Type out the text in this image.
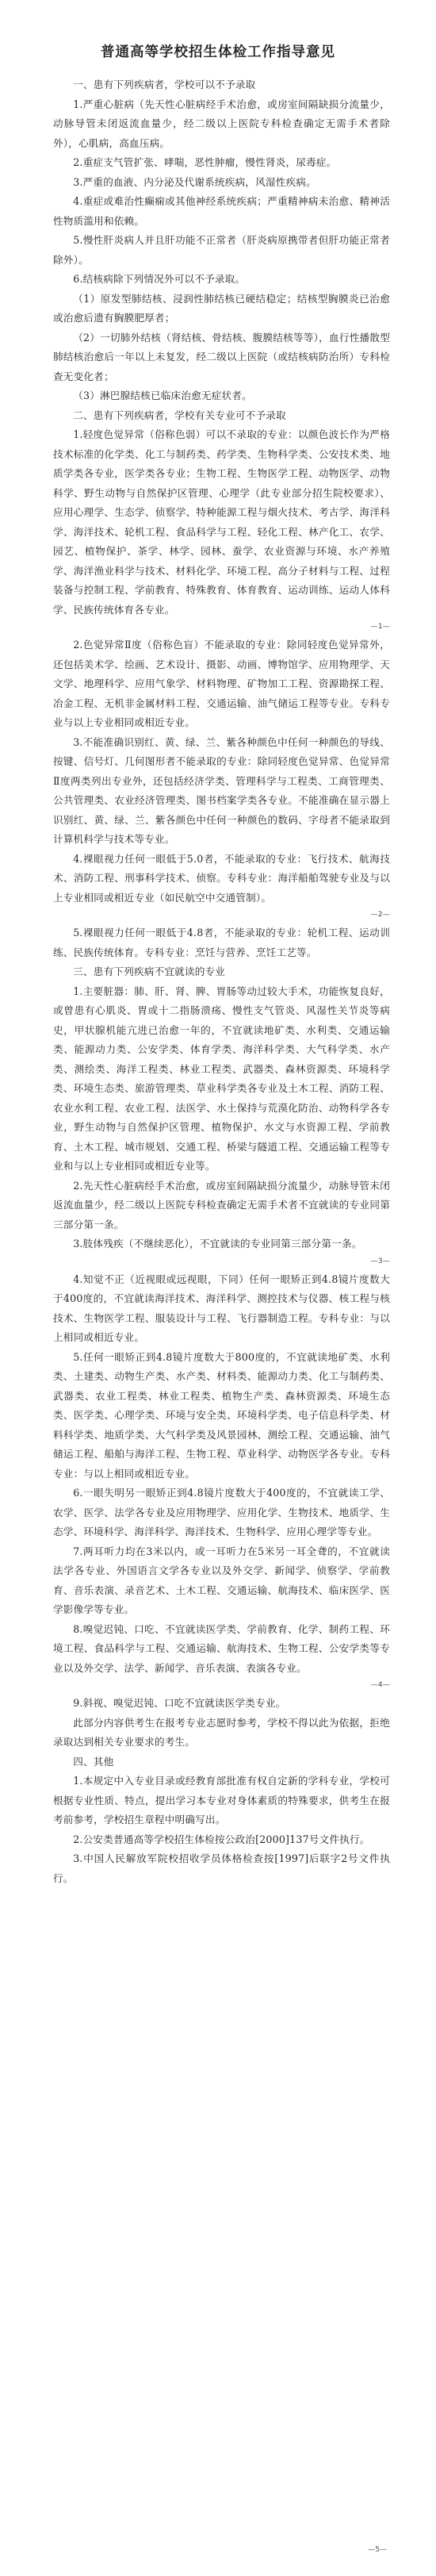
普通高等学校招生体检工作指导意见

一、患有下列疾病者，学校可以不予录取

1.严重心脏病（先天性心脏病经手术治愈，或房室间隔缺损分流量少，动脉导管未闭返流血量少，经二级以上医院专科检查确定无需手术者除外），心肌病，高血压病。

2.重症支气管扩张、哮喘，恶性肿瘤，慢性肾炎，尿毒症。

3.严重的血液、内分泌及代谢系统疾病，风湿性疾病。

4.重症或难治性癫痫或其他神经系统疾病；严重精神病未治愈、精神活性物质滥用和依赖。

5.慢性肝炎病人并且肝功能不正常者（肝炎病原携带者但肝功能正常者除外）。

6.结核病除下列情况外可以不予录取。

（1）原发型肺结核、浸润性肺结核已硬结稳定；结核型胸膜炎已治愈或治愈后遗有胸膜肥厚者；

（2）一切肺外结核（肾结核、骨结核、腹膜结核等等），血行性播散型肺结核治愈后一年以上未复发，经二级以上医院（或结核病防治所）专科检查无变化者；

（3）淋巴腺结核已临床治愈无症状者。

二、患有下列疾病者，学校有关专业可不予录取

1.轻度色觉异常（俗称色弱）可以不录取的专业：以颜色波长作为严格技术标准的化学类、化工与制药类、药学类、生物科学类、公安技术类、地质学类各专业，医学类各专业；生物工程、生物医学工程、动物医学、动物科学、野生动物与自然保护区管理、心理学（此专业部分招生院校要求）、应用心理学、生态学、侦察学、特种能源工程与烟火技术、考古学、海洋科学、海洋技术、轮机工程、食品科学与工程、轻化工程、林产化工、农学、园艺、植物保护、茶学、林学、园林、蚕学、农业资源与环境、水产养殖学、海洋渔业科学与技术、材料化学、环境工程、高分子材料与工程、过程装备与控制工程、学前教育、特殊教育、体育教育、运动训练、运动人体科学、民族传统体育各专业。

—1—

2.色觉异常Ⅱ度（俗称色盲）不能录取的专业：除同轻度色觉异常外，还包括美术学、绘画、艺术设计、摄影、动画、博物馆学、应用物理学、天文学、地理科学、应用气象学、材料物理、矿物加工工程、资源勘探工程、冶金工程、无机非金属材料工程、交通运输、油气储运工程等专业。专科专业与以上专业相同或相近专业。

3.不能准确识别红、黄、绿、兰、紫各种颜色中任何一种颜色的导线、按键、信号灯、几何图形者不能录取的专业：除同轻度色觉异常、色觉异常Ⅱ度两类列出专业外，还包括经济学类、管理科学与工程类、工商管理类、公共管理类、农业经济管理类、图书档案学类各专业。不能准确在显示器上识别红、黄、绿、兰、紫各颜色中任何一种颜色的数码、字母者不能录取到计算机科学与技术等专业。

4.裸眼视力任何一眼低于5.0者，不能录取的专业：飞行技术、航海技术、消防工程、刑事科学技术、侦察。专科专业：海洋船舶驾驶专业及与以上专业相同或相近专业（如民航空中交通管制）。

—2—

5.裸眼视力任何一眼低于4.8者，不能录取的专业：轮机工程、运动训练、民族传统体育。专科专业：烹饪与营养、烹饪工艺等。

三、患有下列疾病不宜就读的专业

1.主要脏器：肺、肝、肾、脾、胃肠等动过较大手术，功能恢复良好，或曾患有心肌炎、胃或十二指肠溃疡、慢性支气管炎、风湿性关节炎等病史，甲状腺机能亢进已治愈一年的，不宜就读地矿类、水利类、交通运输类、能源动力类、公安学类、体育学类、海洋科学类、大气科学类、水产类、测绘类、海洋工程类、林业工程类、武器类、森林资源类、环境科学类、环境生态类、旅游管理类、草业科学类各专业及土木工程、消防工程、农业水利工程、农业工程、法医学、水土保持与荒漠化防治、动物科学各专业，野生动物与自然保护区管理、植物保护、水文与水资源工程、学前教育、土木工程、城市规划、交通工程、桥梁与隧道工程、交通运输工程等专业和与以上专业相同或相近专业等。

2.先天性心脏病经手术治愈，或房室间隔缺损分流量少，动脉导管未闭返流血量少，经二级以上医院专科检查确定无需手术者不宜就读的专业同第三部分第一条。

3.肢体残疾（不继续恶化），不宜就读的专业同第三部分第一条。

—3—

4.知觉不正（近视眼或远视眼，下同）任何一眼矫正到4.8镜片度数大于400度的，不宜就读海洋技术、海洋科学、测控技术与仪器、核工程与核技术、生物医学工程、服装设计与工程、飞行器制造工程。专科专业：与以上相同或相近专业。

5.任何一眼矫正到4.8镜片度数大于800度的，不宜就读地矿类、水利类、土建类、动物生产类、水产类、材料类、能源动力类、化工与制药类、武器类、农业工程类、林业工程类、植物生产类、森林资源类、环境生态类、医学类、心理学类、环境与安全类、环境科学类、电子信息科学类、材料科学类、地质学类、大气科学类及风景园林、测绘工程、交通运输、油气储运工程、船舶与海洋工程、生物工程、草业科学、动物医学各专业。专科专业：与以上相同或相近专业。

6.一眼失明另一眼矫正到4.8镜片度数大于400度的，不宜就读工学、农学、医学、法学各专业及应用物理学、应用化学、生物技术、地质学、生态学、环境科学、海洋科学、海洋技术、生物科学、应用心理学等专业。

7.两耳听力均在3米以内，或一耳听力在5米另一耳全聋的，不宜就读法学各专业、外国语言文学各专业以及外交学、新闻学、侦察学、学前教育、音乐表演、录音艺术、土木工程、交通运输、航海技术、临床医学、医学影像学等专业。

8.嗅觉迟钝、口吃、不宜就读医学类、学前教育、化学、制药工程、环境工程、食品科学与工程、交通运输、航海技术、生物工程、公安学类等专业以及外交学、法学、新闻学、音乐表演、表演各专业。

—4—

9.斜视、嗅觉迟钝、口吃不宜就读医学类专业。

此部分内容供考生在报考专业志愿时参考，学校不得以此为依据，拒绝录取达到相关专业要求的考生。

四、其他

1.本规定中入专业目录或经教育部批准有权自定新的学科专业，学校可根据专业性质、特点，提出学习本专业对身体素质的特殊要求，供考生在报考前参考，学校招生章程中明确写出。

2.公安类普通高等学校招生体检按公政治[2000]137号文件执行。

3.中国人民解放军院校招收学员体格检查按[1997]后联字2号文件执行。

—5—
